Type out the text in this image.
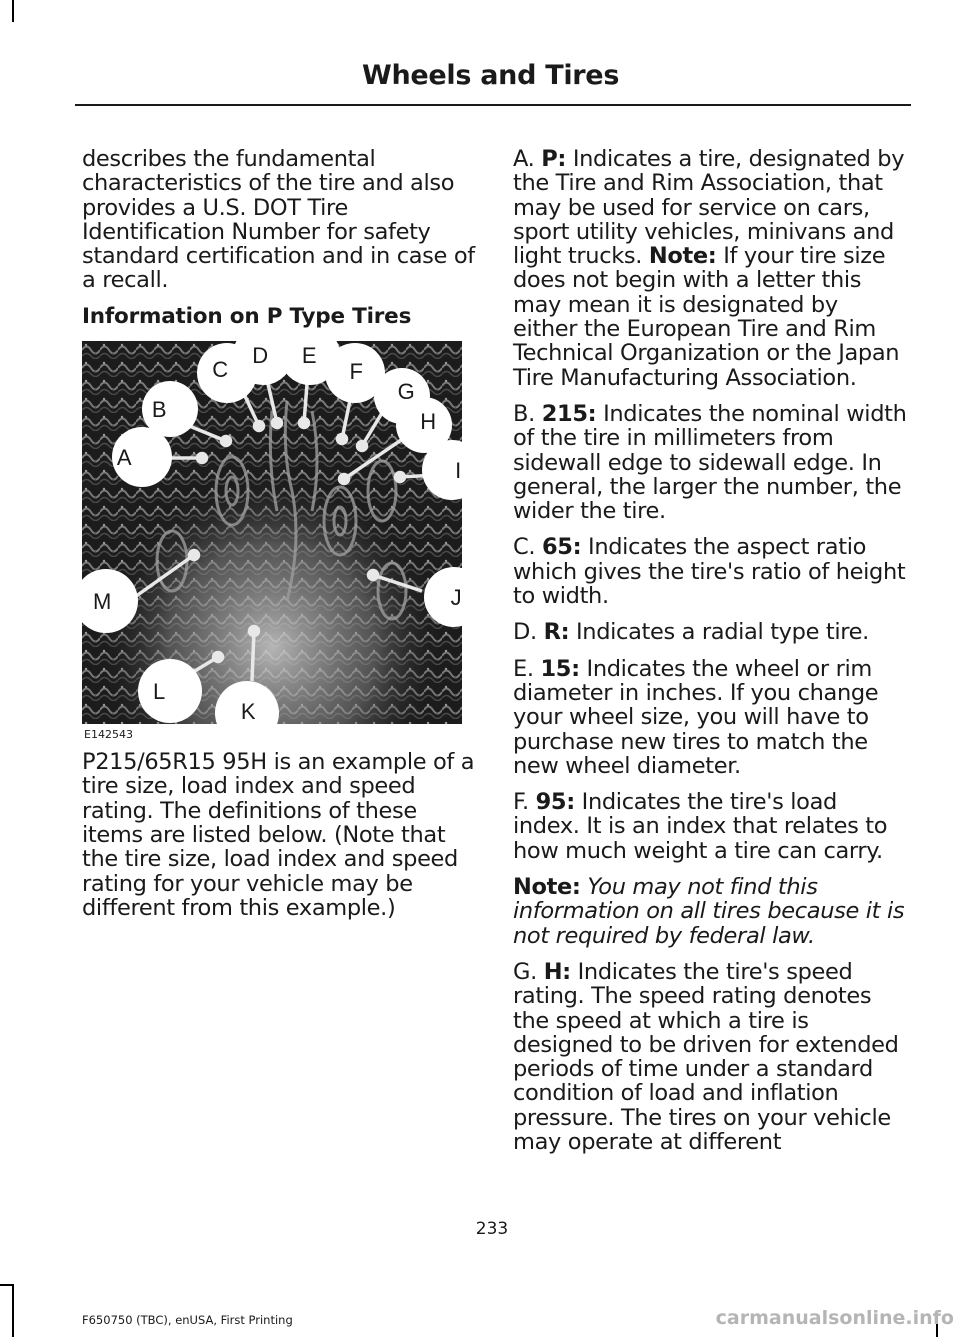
Wheels and Tires

describes the fundamental characteristics of the tire and also provides a U.S. DOT Tire Identification Number for safety standard certification and in case of a recall.

Information on P Type Tires

A
B
C
D E
F
G
H
I
J
K
L
M
E142543

P215/65R15 95H is an example of a tire size, load index and speed rating. The definitions of these items are listed below. (Note that the tire size, load index and speed rating for your vehicle may be different from this example.)

A. P: Indicates a tire, designated by the Tire and Rim Association, that may be used for service on cars, sport utility vehicles, minivans and light trucks. Note: If your tire size does not begin with a letter this may mean it is designated by either the European Tire and Rim Technical Organization or the Japan Tire Manufacturing Association.

B. 215: Indicates the nominal width of the tire in millimeters from sidewall edge to sidewall edge. In general, the larger the number, the wider the tire.

C. 65: Indicates the aspect ratio which gives the tire's ratio of height to width.

D. R: Indicates a radial type tire.

E. 15: Indicates the wheel or rim diameter in inches. If you change your wheel size, you will have to purchase new tires to match the new wheel diameter.

F. 95: Indicates the tire's load index. It is an index that relates to how much weight a tire can carry.

Note: You may not find this information on all tires because it is not required by federal law.

G. H: Indicates the tire's speed rating. The speed rating denotes the speed at which a tire is designed to be driven for extended periods of time under a standard condition of load and inflation pressure. The tires on your vehicle may operate at different

233
F650750 (TBC), enUSA, First Printing	carmanualsonline.info
